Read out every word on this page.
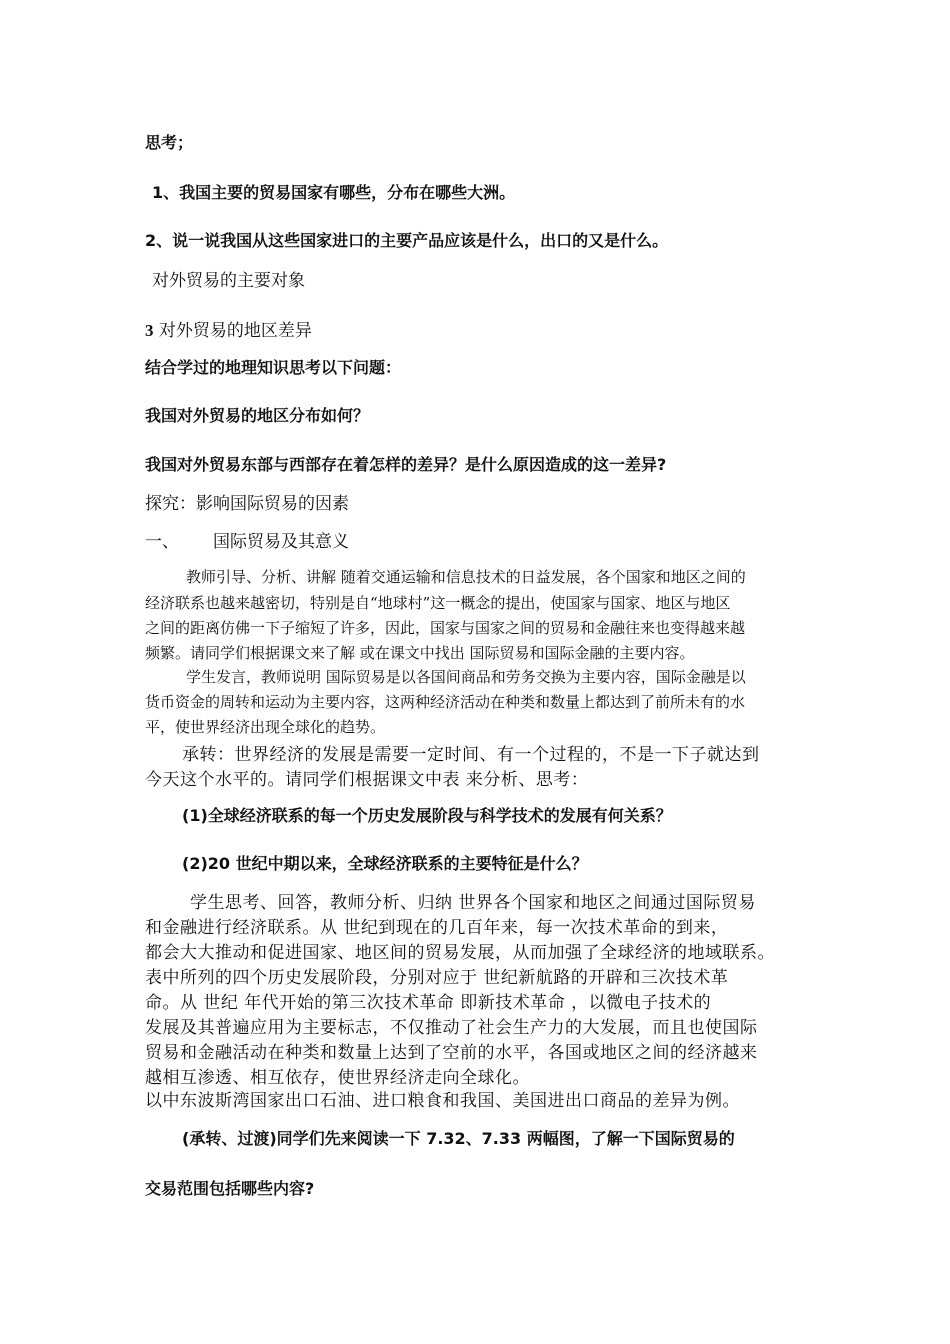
思考；
1、我国主要的贸易国家有哪些，分布在哪些大洲。
2、说一说我国从这些国家进口的主要产品应该是什么，出口的又是什么。
对外贸易的主要对象
3 对外贸易的地区差异
结合学过的地理知识思考以下问题：
我国对外贸易的地区分布如何？
我国对外贸易东部与西部存在着怎样的差异？是什么原因造成的这一差异?
探究：影响国际贸易的因素
一、 国际贸易及其意义
教师引导、分析、讲解 随着交通运输和信息技术的日益发展，各个国家和地区之间的
经济联系也越来越密切，特别是自“地球村”这一概念的提出，使国家与国家、地区与地区
之间的距离仿佛一下子缩短了许多，因此，国家与国家之间的贸易和金融往来也变得越来越
频繁。请同学们根据课文来了解 或在课文中找出 国际贸易和国际金融的主要内容。
学生发言，教师说明 国际贸易是以各国间商品和劳务交换为主要内容，国际金融是以
货币资金的周转和运动为主要内容，这两种经济活动在种类和数量上都达到了前所未有的水
平，使世界经济出现全球化的趋势。
承转：世界经济的发展是需要一定时间、有一个过程的，不是一下子就达到
今天这个水平的。请同学们根据课文中表 来分析、思考：
(1)全球经济联系的每一个历史发展阶段与科学技术的发展有何关系？
(2)20 世纪中期以来，全球经济联系的主要特征是什么？
学生思考、回答，教师分析、归纳 世界各个国家和地区之间通过国际贸易
和金融进行经济联系。从 世纪到现在的几百年来，每一次技术革命的到来，
都会大大推动和促进国家、地区间的贸易发展，从而加强了全球经济的地域联系。
表中所列的四个历史发展阶段，分别对应于 世纪新航路的开辟和三次技术革
命。从 世纪 年代开始的第三次技术革命 即新技术革命 ，以微电子技术的
发展及其普遍应用为主要标志，不仅推动了社会生产力的大发展，而且也使国际
贸易和金融活动在种类和数量上达到了空前的水平，各国或地区之间的经济越来
越相互渗透、相互依存，使世界经济走向全球化。
以中东波斯湾国家出口石油、进口粮食和我国、美国进出口商品的差异为例。
(承转、过渡)同学们先来阅读一下 7.32、7.33 两幅图，了解一下国际贸易的
交易范围包括哪些内容?
